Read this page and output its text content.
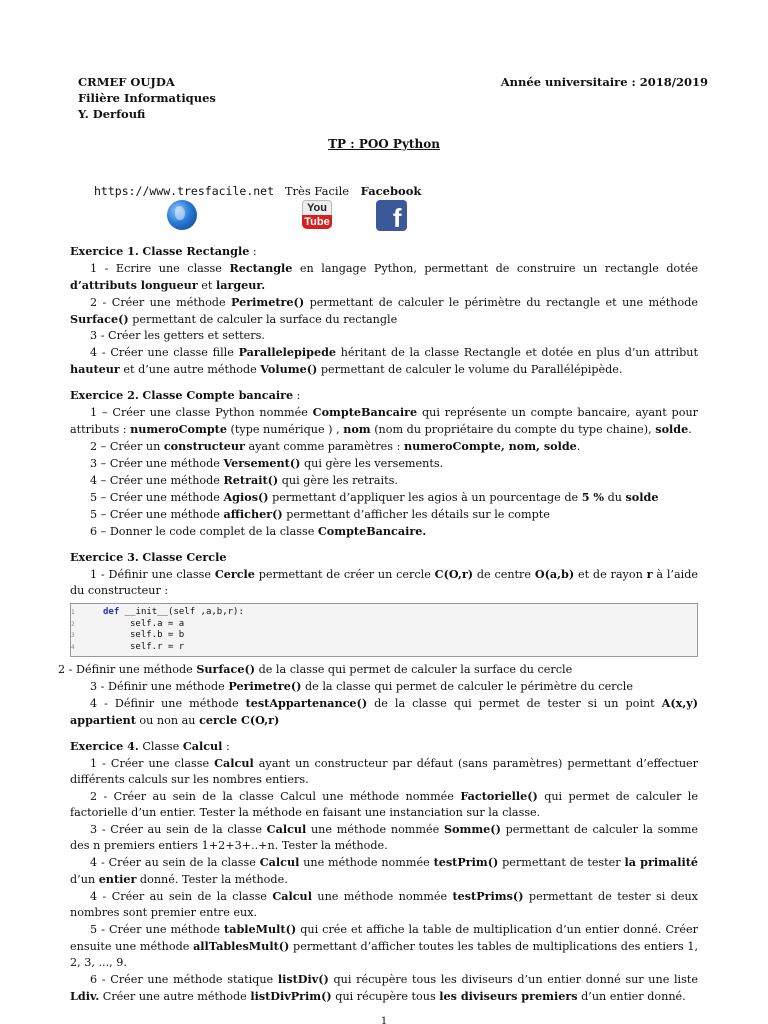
CRMEF OUJDA
Filière Informatiques
Y. Derfoufi
Année universitaire : 2018/2019
TP : POO Python
https://www.tresfacile.net Très Facile
You
Tube
Facebook
f
Exercice 1. Classe Rectangle :

1 - Ecrire une classe Rectangle en langage Python, permettant de construire un rectangle dotée d’attributs longueur et largeur.

2 - Créer une méthode Perimetre() permettant de calculer le périmètre du rectangle et une méthode Surface() permettant de calculer la surface du rectangle

3 - Créer les getters et setters.

4 - Créer une classe fille Parallelepipede héritant de la classe Rectangle et dotée en plus d’un attribut hauteur et d’une autre méthode Volume() permettant de calculer le volume du Parallélépipède.

Exercice 2. Classe Compte bancaire :

1 – Créer une classe Python nommée CompteBancaire qui représente un compte bancaire, ayant pour attributs : numeroCompte (type numérique ) , nom (nom du propriétaire du compte du type chaine), solde.

2 – Créer un constructeur ayant comme paramètres : numeroCompte, nom, solde.

3 – Créer une méthode Versement() qui gère les versements.

4 – Créer une méthode Retrait() qui gère les retraits.

5 – Créer une méthode Agios() permettant d’appliquer les agios à un pourcentage de 5 % du solde

5 – Créer une méthode afficher() permettant d’afficher les détails sur le compte

6 – Donner le code complet de la classe CompteBancaire.

Exercice 3. Classe Cercle

1 - Définir une classe Cercle permettant de créer un cercle C(O,r) de centre O(a,b) et de rayon r à l’aide du constructeur :

1	def __init__(self ,a,b,r):
2	self.a = a
3	self.b = b
4	self.r = r

2 - Définir une méthode Surface() de la classe qui permet de calculer la surface du cercle

3 - Définir une méthode Perimetre() de la classe qui permet de calculer le périmètre du cercle

4 - Définir une méthode testAppartenance() de la classe qui permet de tester si un point A(x,y) appartient ou non au cercle C(O,r)

Exercice 4. Classe Calcul :

1 - Créer une classe Calcul ayant un constructeur par défaut (sans paramètres) permettant d’effectuer différents calculs sur les nombres entiers.

2 - Créer au sein de la classe Calcul une méthode nommée Factorielle() qui permet de calculer le factorielle d’un entier. Tester la méthode en faisant une instanciation sur la classe.

3 - Créer au sein de la classe Calcul une méthode nommée Somme() permettant de calculer la somme des n premiers entiers 1+2+3+..+n. Tester la méthode.

4 - Créer au sein de la classe Calcul une méthode nommée testPrim() permettant de tester la primalité d’un entier donné. Tester la méthode.

4 - Créer au sein de la classe Calcul une méthode nommée testPrims() permettant de tester si deux nombres sont premier entre eux.

5 - Créer une méthode tableMult() qui crée et affiche la table de multiplication d’un entier donné. Créer ensuite une méthode allTablesMult() permettant d’afficher toutes les tables de multiplications des entiers 1, 2, 3, ..., 9.

6 - Créer une méthode statique listDiv() qui récupère tous les diviseurs d’un entier donné sur une liste Ldiv. Créer une autre méthode listDivPrim() qui récupère tous les diviseurs premiers d’un entier donné.

1
